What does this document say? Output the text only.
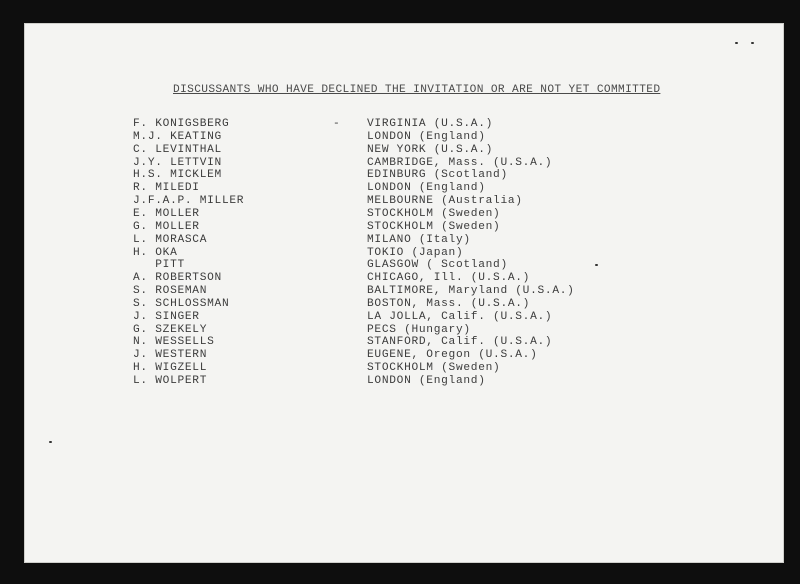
DISCUSSANTS WHO HAVE DECLINED THE INVITATION OR ARE NOT YET COMMITTED
F. KONIGSBERG	- VIRGINIA (U.S.A.)
M.J. KEATING	LONDON (England)
C. LEVINTHAL	NEW YORK (U.S.A.)
J.Y. LETTVIN	CAMBRIDGE, Mass. (U.S.A.)
H.S. MICKLEM	EDINBURG (Scotland)
R. MILEDI	LONDON (England)
J.F.A.P. MILLER	MELBOURNE (Australia)
E. MOLLER	STOCKHOLM (Sweden)
G. MOLLER	STOCKHOLM (Sweden)
L. MORASCA	MILANO (Italy)
H. OKA	TOKIO (Japan)
PITT	GLASGOW ( Scotland)
A. ROBERTSON	CHICAGO, Ill. (U.S.A.)
S. ROSEMAN	BALTIMORE, Maryland (U.S.A.)
S. SCHLOSSMAN	BOSTON, Mass. (U.S.A.)
J. SINGER	LA JOLLA, Calif. (U.S.A.)
G. SZEKELY	PECS (Hungary)
N. WESSELLS	STANFORD, Calif. (U.S.A.)
J. WESTERN	EUGENE, Oregon (U.S.A.)
H. WIGZELL	STOCKHOLM (Sweden)
L. WOLPERT	LONDON (England)
